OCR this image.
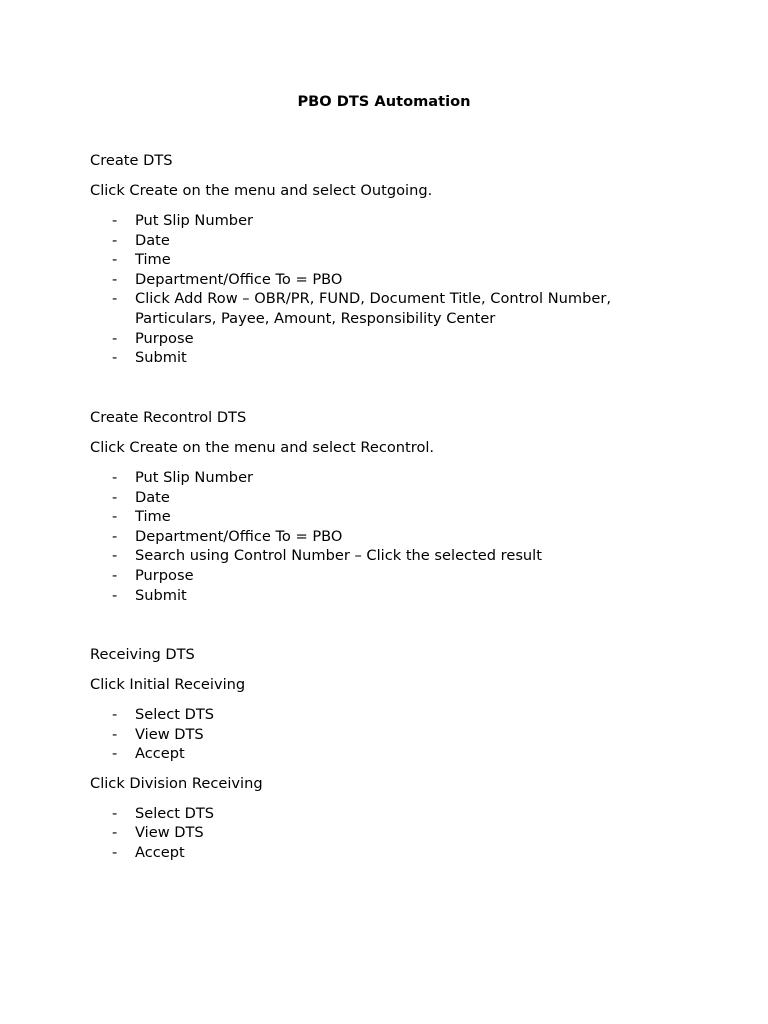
PBO DTS Automation
Create DTS
Click Create on the menu and select Outgoing.
- Put Slip Number
- Date
- Time
- Department/Office To = PBO
- Click Add Row – OBR/PR, FUND, Document Title, Control Number, Particulars, Payee, Amount, Responsibility Center
- Purpose
- Submit
Create Recontrol DTS
Click Create on the menu and select Recontrol.
- Put Slip Number
- Date
- Time
- Department/Office To = PBO
- Search using Control Number – Click the selected result
- Purpose
- Submit
Receiving DTS
Click Initial Receiving
- Select DTS
- View DTS
- Accept
Click Division Receiving
- Select DTS
- View DTS
- Accept
